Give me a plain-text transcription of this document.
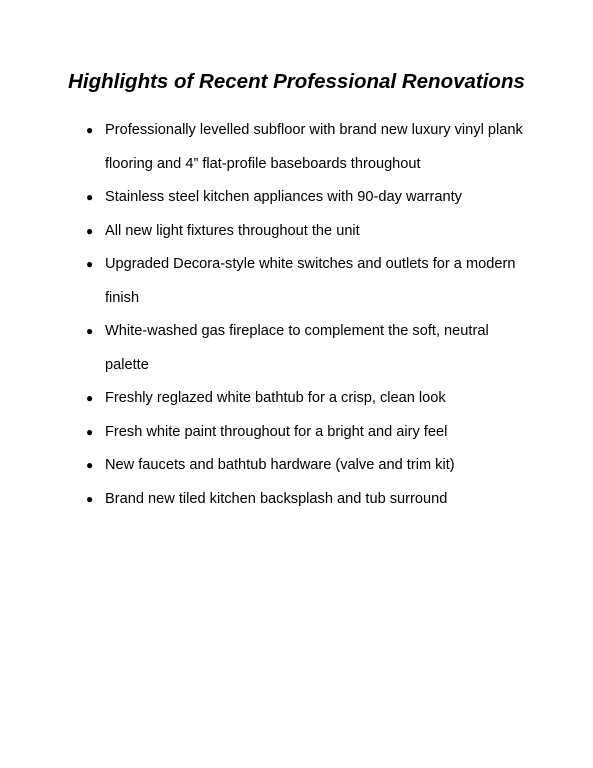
Highlights of Recent Professional Renovations
● Professionally levelled subfloor with brand new luxury vinyl plank
flooring and 4” flat-profile baseboards throughout
● Stainless steel kitchen appliances with 90-day warranty
● All new light fixtures throughout the unit
● Upgraded Decora-style white switches and outlets for a modern
finish
● White-washed gas fireplace to complement the soft, neutral
palette
● Freshly reglazed white bathtub for a crisp, clean look
● Fresh white paint throughout for a bright and airy feel
● New faucets and bathtub hardware (valve and trim kit)
● Brand new tiled kitchen backsplash and tub surround
